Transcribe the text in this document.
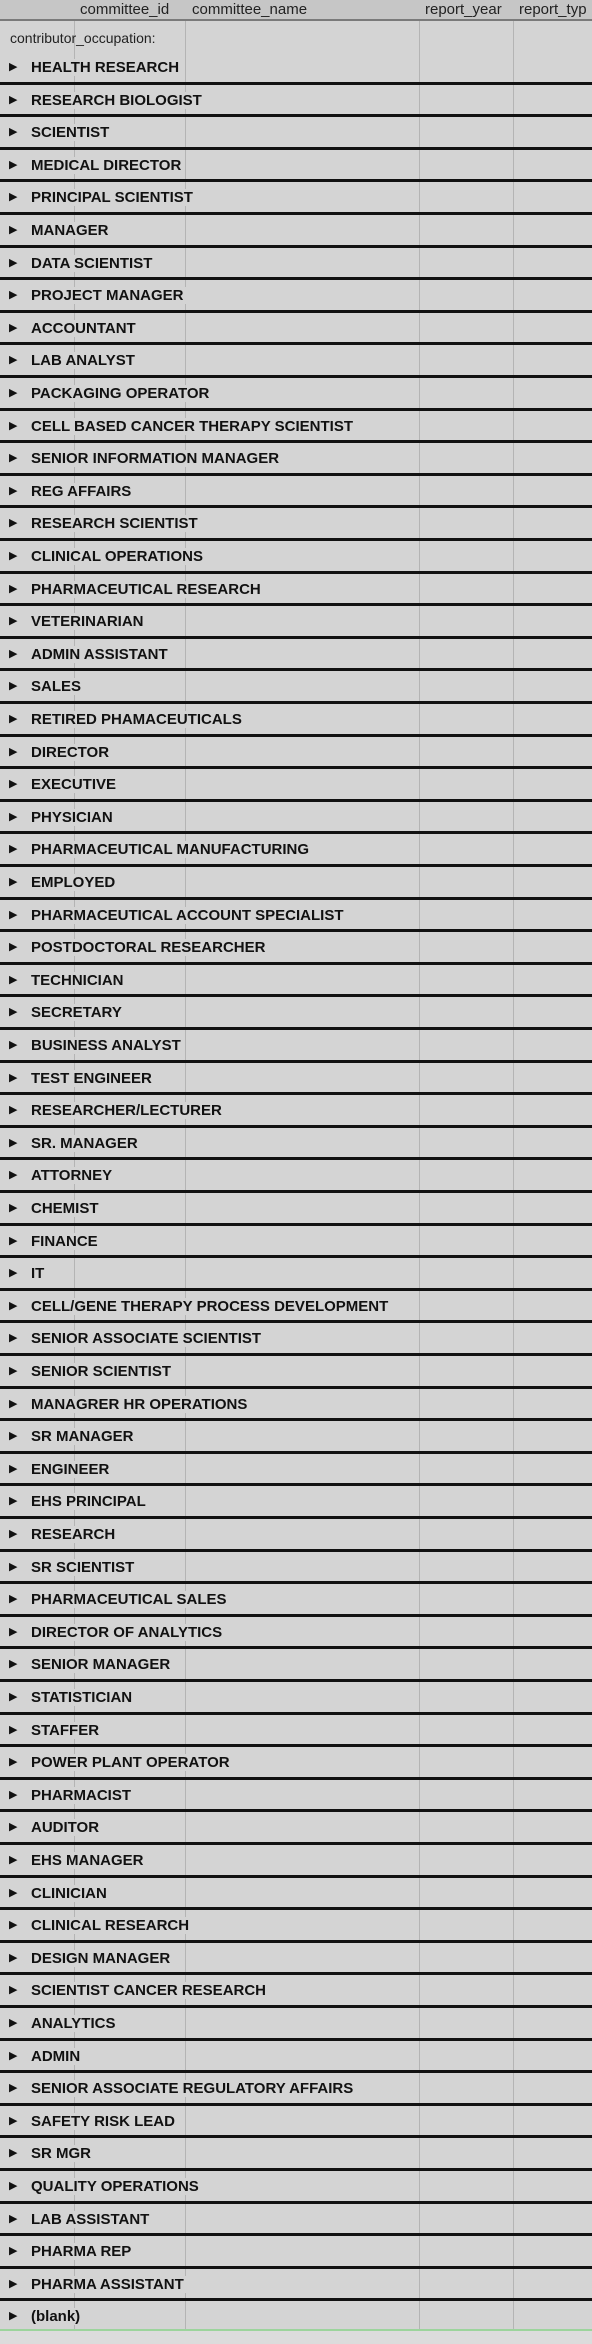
committee_id	committee_name	report_year	report_typ
contributor_occupation:
▶ HEALTH RESEARCH
▶ RESEARCH BIOLOGIST
▶ SCIENTIST
▶ MEDICAL DIRECTOR
▶ PRINCIPAL SCIENTIST
▶ MANAGER
▶ DATA SCIENTIST
▶ PROJECT MANAGER
▶ ACCOUNTANT
▶ LAB ANALYST
▶ PACKAGING OPERATOR
▶ CELL BASED CANCER THERAPY SCIENTIST
▶ SENIOR INFORMATION MANAGER
▶ REG AFFAIRS
▶ RESEARCH SCIENTIST
▶ CLINICAL OPERATIONS
▶ PHARMACEUTICAL RESEARCH
▶ VETERINARIAN
▶ ADMIN ASSISTANT
▶ SALES
▶ RETIRED PHAMACEUTICALS
▶ DIRECTOR
▶ EXECUTIVE
▶ PHYSICIAN
▶ PHARMACEUTICAL MANUFACTURING
▶ EMPLOYED
▶ PHARMACEUTICAL ACCOUNT SPECIALIST
▶ POSTDOCTORAL RESEARCHER
▶ TECHNICIAN
▶ SECRETARY
▶ BUSINESS ANALYST
▶ TEST ENGINEER
▶ RESEARCHER/LECTURER
▶ SR. MANAGER
▶ ATTORNEY
▶ CHEMIST
▶ FINANCE
▶ IT
▶ CELL/GENE THERAPY PROCESS DEVELOPMENT
▶ SENIOR ASSOCIATE SCIENTIST
▶ SENIOR SCIENTIST
▶ MANAGRER HR OPERATIONS
▶ SR MANAGER
▶ ENGINEER
▶ EHS PRINCIPAL
▶ RESEARCH
▶ SR SCIENTIST
▶ PHARMACEUTICAL SALES
▶ DIRECTOR OF ANALYTICS
▶ SENIOR MANAGER
▶ STATISTICIAN
▶ STAFFER
▶ POWER PLANT OPERATOR
▶ PHARMACIST
▶ AUDITOR
▶ EHS MANAGER
▶ CLINICIAN
▶ CLINICAL RESEARCH
▶ DESIGN MANAGER
▶ SCIENTIST CANCER RESEARCH
▶ ANALYTICS
▶ ADMIN
▶ SENIOR ASSOCIATE REGULATORY AFFAIRS
▶ SAFETY RISK LEAD
▶ SR MGR
▶ QUALITY OPERATIONS
▶ LAB ASSISTANT
▶ PHARMA REP
▶ PHARMA ASSISTANT
▶ (blank)
